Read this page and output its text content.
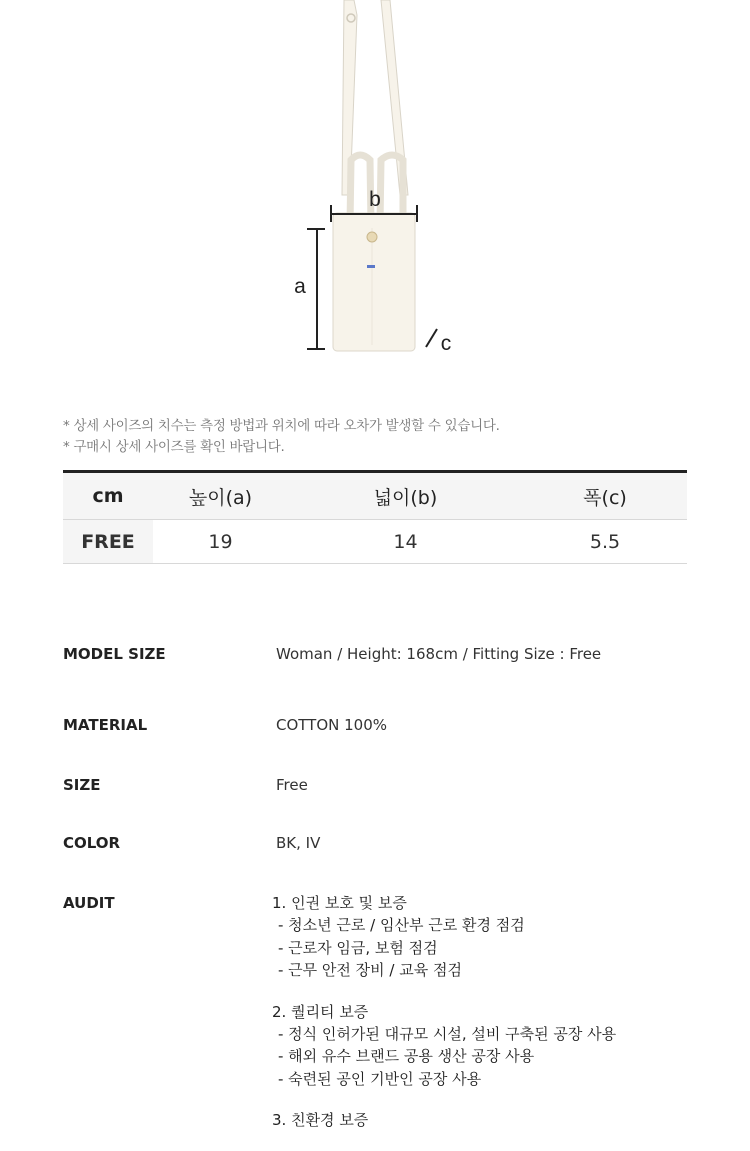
a
b
c
* 상세 사이즈의 치수는 측정 방법과 위치에 따라 오차가 발생할 수 있습니다.
* 구매시 상세 사이즈를 확인 바랍니다.
cm	높이(a)	넓이(b)	폭(c)
FREE	19	14	5.5
MODEL SIZE	Woman / Height: 168cm / Fitting Size : Free
MATERIAL	COTTON 100%
SIZE	Free
COLOR	BK, IV
AUDIT	1. 인권 보호 및 보증
- 청소년 근로 / 임산부 근로 환경 점검
- 근로자 임금, 보험 점검
- 근무 안전 장비 / 교육 점검
2. 퀄리티 보증
- 정식 인허가된 대규모 시설, 설비 구축된 공장 사용
- 해외 유수 브랜드 공용 생산 공장 사용
- 숙련된 공인 기반인 공장 사용
3. 친환경 보증
